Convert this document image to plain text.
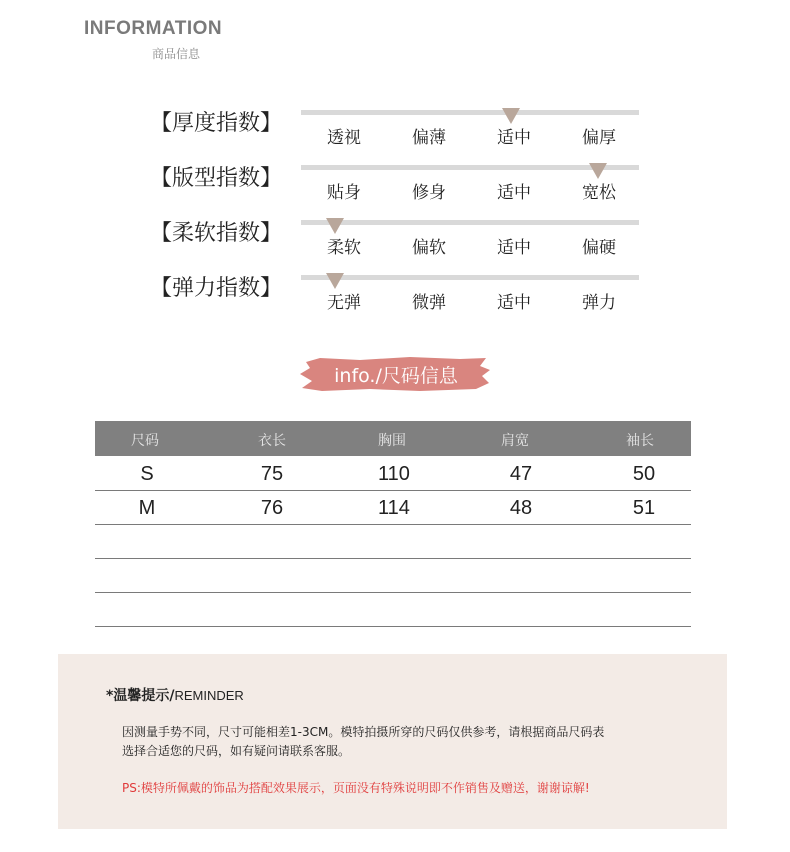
INFORMATION
商品信息
【厚度指数】
透视	偏薄	适中	偏厚
【版型指数】
贴身	修身	适中	宽松
【柔软指数】
柔软	偏软	适中	偏硬
【弹力指数】
无弹	微弹	适中	弹力
info./尺码信息
尺码	衣长	胸围	肩宽	袖长
S	75	110	47	50
M	76	114	48	51
*温馨提示/REMINDER
因测量手势不同，尺寸可能相差1-3CM。模特拍摄所穿的尺码仅供参考，请根据商品尺码表
选择合适您的尺码，如有疑问请联系客服。
PS:模特所佩戴的饰品为搭配效果展示，页面没有特殊说明即不作销售及赠送，谢谢谅解!
